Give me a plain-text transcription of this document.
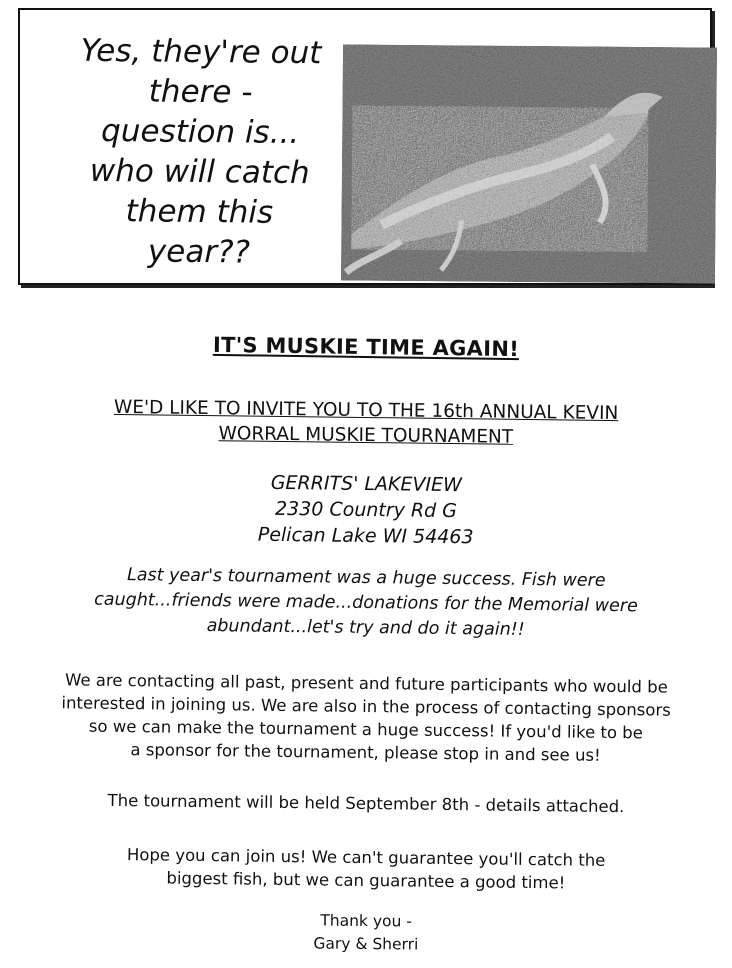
Yes, they're out
there -
question is...
who will catch
them this
year??
IT'S MUSKIE TIME AGAIN!
WE'D LIKE TO INVITE YOU TO THE 16th ANNUAL KEVIN
WORRAL MUSKIE TOURNAMENT
GERRITS' LAKEVIEW
2330 Country Rd G
Pelican Lake WI 54463
Last year's tournament was a huge success. Fish were
caught...friends were made...donations for the Memorial were
abundant...let's try and do it again!!
We are contacting all past, present and future participants who would be
interested in joining us. We are also in the process of contacting sponsors
so we can make the tournament a huge success! If you'd like to be
a sponsor for the tournament, please stop in and see us!
The tournament will be held September 8th - details attached.
Hope you can join us! We can't guarantee you'll catch the
biggest fish, but we can guarantee a good time!
Thank you -
Gary & Sherri
